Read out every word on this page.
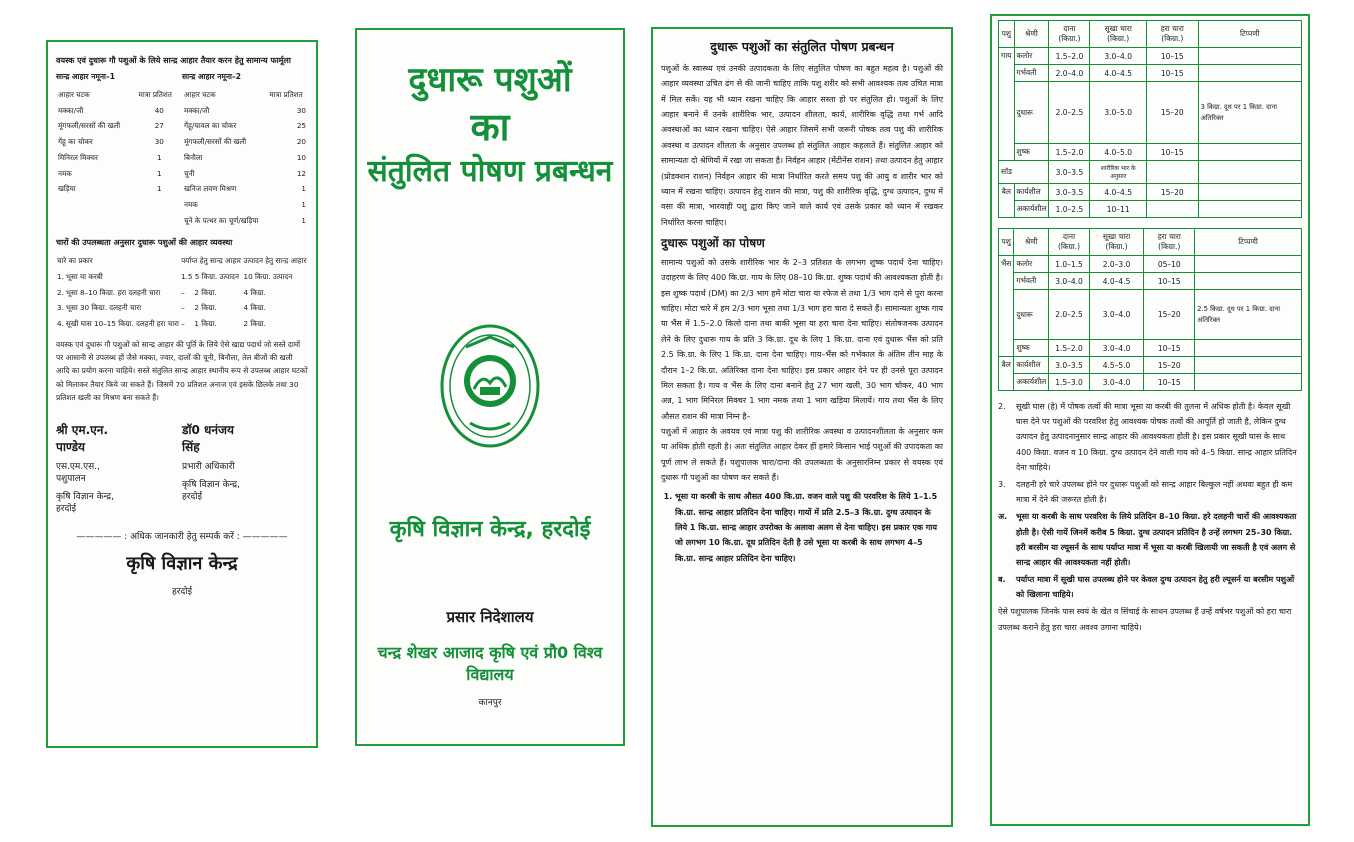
वयस्क एवं दुधारू गौ पशुओं के लिये सान्द्र आहार तैयार करन हेतु सामान्य फार्मूला
सान्द्र आहार नमूना–1	सान्द्र आहार नमूना–2
आहार घटक	मात्रा प्रतिशत
मक्का/जौ	40
मूंगफली/सरसों की खली	27
गेंहू का चोकर	30
मिनिरल मिक्चर	1
नमक	1
खड़िया	1
आहार घटक	मात्रा प्रतिशत
मक्का/जौ	30
गेंहू/चावल का चोकर	25
मूंगफली/सरसों की खली	20
बिनौला	10
चुनी	12
खनिज लवण मिश्रण	1
नमक	1
चूने के पत्थर का चूर्ण/खड़िया	1
चारों की उपलब्धता अनुसार दुधारू पशुओं की आहार व्यवस्था
चारे का प्रकार		पर्याप्त हेतु सान्द्र आहार		उत्पादन हेतु सान्द्र आहार
1.	भूसा या करबी	1.5 5 किग्रा. उत्पादन		10 किग्रा. उत्पादन
2.	भूसा 8–10 किग्रा. हरा दलहनी चारा	–	2 किग्रा.	4 किग्रा.
3.	भूसा 30 किग्रा. दलहनी चारा	–	2 किग्रा.	4 किग्रा.
4.	सूखी घास 10–15 किग्रा. दलहनी हरा चारा –		1 किग्रा.	2 किग्रा.
वयस्क एवं दुधारू गौ पशुओं को सान्द्र आहार की पूर्ति के लिये ऐसे खाद्य पदार्थ जो सस्ते दामों पर आसानी से उपलब्ध हों जैसे मक्का, ज्वार, दालों की चूनी, बिनौला, तेल बीजों की खली आदि का प्रयोग करना चाहिये। सस्ते संतुलित सान्द्र आहार स्थानीय रूप से उपलब्ध आहार घटकों को मिलाकर तैयार किये जा सकते हैं। जिसमें 70 प्रतिशत अनाज एवं इसके छिलके तथा 30 प्रतिशत खली का मिश्रण बना सकते हैं।
श्री एम.एन. पाण्डेय
एस.एम.एस., पशुपालन
कृषि विज्ञान केन्द्र, हरदोई
डॉ0 धनंजय सिंह
प्रभारी अधिकारी
कृषि विज्ञान केन्द्र, हरदोई
————— : अधिक जानकारी हेतु सम्पर्क करें : —————
कृषि विज्ञान केन्द्र
हरदोई
दुधारू पशुओं
का
संतुलित पोषण प्रबन्धन
कृषि विज्ञान केन्द्र, हरदोई
प्रसार निदेशालय
चन्द्र शेखर आजाद कृषि एवं प्रौ0 विश्व विद्यालय
कानपुर
दुधारू पशुओं का संतुलित पोषण प्रबन्धन

पशुओं के स्वास्थ्य एवं उनकी उत्पादकता के लिए संतुलित पोषण का बहुत महत्व है। पशुओं की आहार व्यवस्था उचित ढंग से की जानी चाहिए ताकि पशु शरीर को सभी आवश्यक तत्व उचित मात्रा में मिल सकें। यह भी ध्यान रखना चाहिए कि आहार सस्ता हो पर संतुलित हो। पशुओं के लिए आहार बनाने में उनके शारीरिक भार, उत्पादन शीलता, कार्य, शारीरिक वृद्धि तथा गर्भ आदि अवस्थाओं का ध्यान रखना चाहिए। ऐसे आहार जिसमें सभी जरूरी पोषक तत्व पशु की शारीरिक अवस्था व उत्पादन शीलता के अनुसार उपलब्ध हो संतुलित आहार कहलाते हैं। संतुलित आहार को सामान्यतः दो श्रेणियों में रखा जा सकता है। निर्वहन आहार (मेंटीनेंस राशन) तथा उत्पादन हेतु आहार (प्रोडक्शन राशन) निर्वहन आहार की मात्रा निर्धारित करते समय पशु की आयु व शारीर भार को ध्यान में रखना चाहिए। उत्पादन हेतु राशन की मात्रा, पशु की शारीरिक वृद्धि, दुग्ध उत्पादन, दुग्ध में वसा की मात्रा, भारवाही पशु द्वारा किए जाने वाले कार्य एवं उसके प्रकार को ध्यान में रखकर निर्धारित करना चाहिए।

दुधारू पशुओं का पोषण

सामान्य पशुओं को उसके शारीरिक भार के 2–3 प्रतिशत के लगभग शुष्क पदार्थ देना चाहिए। उदाहरण के लिए 400 कि.ग्रा. गाय के लिए 08–10 कि.ग्रा. शुष्क पदार्थ की आवश्यकता होती है। इस शुष्क पदार्थ (DM) का 2/3 भाग हमें मोटा चारा या रफेज से तथा 1/3 भाग दाने से पूरा करना चाहिए। मोटा चारे में हम 2/3 भाग भूसा तथा 1/3 भाग हरा चारा दे सकते हैं। सामान्यतः शुष्क गाय या भैंस में 1.5–2.0 किलो दाना तथा बाकी भूसा या हरा चारा देना चाहिए। संतोषजनक उत्पादन लेने के लिए दुधारू गाय के प्रति 3 कि.ग्रा. दूध के लिए 1 कि.ग्रा. दाना एवं दुधारू भैंस को प्रति 2.5 कि.ग्रा. के लिए 1 कि.ग्रा. दाना देना चाहिए। गाय–भैंस को गर्भकाल के अंतिम तीन माह के दौरान 1–2 कि.ग्रा. अतिरिक्त दाना देना चाहिए। इस प्रकार आहार देने पर ही उनसे पूरा उत्पादन मिल सकता है। गाय व भैंस के लिए दाना बनाने हेतु 27 भाग खली, 30 भाग चोकर, 40 भाग अन्न, 1 भाग मिनिरल मिक्चर 1 भाग नमक तथा 1 भाग खड़िया मिलायें। गाय तथा भैंस के लिए औसत राशन की मात्रा निम्न है–

पशुओं में आहार के अवयव एवं मात्रा पशु की शारीरिक अवस्था व उत्पादनशीलता के अनुसार कम या अधिक होती रहती है। अतः संतुलित आहार देकर हीं हमारे किसान भाई पशुओं की उपादकता का पूर्ण लाभ ले सकते हैं। पशुपालक चारा/दाना की उपलब्धता के अनुसारनिम्न प्रकार से वयस्क एवं दुधारू गौ पशुओं का पोषण कर सकते हैं।

1. भूसा या करबी के साथ औसत 400 कि.ग्रा. वजन वाले पशु की परवरिश के लिये 1–1.5 कि.ग्रा. सान्द्र आहार प्रतिदिन देना चाहिए। गायों में प्रति 2.5–3 कि.ग्रा. दुग्ध उत्पादन के लिये 1 कि.ग्रा. सान्द्र आहार उपरोक्त के अलावा अलग से देना चाहिए। इस प्रकार एक गाय जो लगभग 10 कि.ग्रा. दूध प्रतिदिन देती है उसे भूसा या करबी के साथ लगभग 4–5 कि.ग्रा. सान्द्र आहार प्रतिदिन देना चाहिए।
पशु	श्रेणी	दाना (किग्रा.)	सूखा चारा (किग्रा.)	हरा चारा (किग्रा.)	टिप्पणी
गाय	कलोर	1.5–2.0	3.0–4.0	10–15	
	गर्भवती	2.0–4.0	4.0–4.5	10–15	
	दुधारू	2.0–2.5	3.0–5.0	15–20	3 किग्रा. दूध पर 1 किग्रा. दाना अतिरिक्त
	शुष्क	1.5–2.0	4.0–5.0	10–15	
सॉड		3.0–3.5	शारीरिक भार के अनुसार		
बैल	कार्यशील	3.0–3.5	4.0–4.5	15–20	
	अकार्यशील	1.0–2.5	10–11		
पशु	श्रेणी	दाना (किग्रा.)	सूखा चारा (किग्रा.)	हरा चारा (किग्रा.)	टिप्पणी
भैंस	कलोर	1.0–1.5	2.0–3.0	05–10	
	गर्भवती	3.0–4.0	4.0–4.5	10–15	
	दुधारू	2.0–2.5	3.0–4.0	15–20	2.5 किग्रा. दूध पर 1 किग्रा. दाना अतिरिक्त
	शुष्क	1.5–2.0	3.0–4.0	10–15	
बैल	कार्यशील	3.0–3.5	4.5–5.0	15–20	
	अकार्यशील	1.5–3.0	3.0–4.0	10–15	
2.	सूखी घास (हे) में पोषक तत्वों की मात्रा भूसा या करबी की तुलना में अधिक होती है। केवल सूखी घास देने पर पशुओं की परवरिश हेतु आवश्यक पोषक तत्वों की आपूर्ति हो जाती है, लेकिन दुग्ध उत्पादन हेतु उत्पादनानुसार सान्द्र आहार की आवश्यकता होती है। इस प्रकार सूखी घास के साथ 400 किग्रा. वजन व 10 किग्रा. दुग्ध उत्पादन देने वाली गाय को 4–5 किग्रा. सान्द्र आहार प्रतिदिन देना चाहिये।
3.	दलहनी हरे चारे उपलब्ध होने पर दुधारू पशुओं को सान्द्र आहार बिल्कुल नहीं अथवा बहुत ही कम मात्रा में देने की जरूरत होती है।
अ.	भूसा या करबी के साथ परवरिश के लिये प्रतिदिन 8–10 किग्रा. हरे दलहनी चारों की आवश्यकता होती है। ऐसी गायें जिनमें करीब 5 किग्रा. दुग्ध उत्पादन प्रतिदिन है उन्हें लगभग 25–30 किग्रा. हरी बरसीम या ल्यूसर्न के साथ पर्याप्त मात्रा में भूसा या करबी खिलायी जा सकती है एवं अलग से सान्द्र आहार की आवश्यकता नहीं होती।
ब.	पर्याप्त मात्रा में सूखी घास उपलब्ध होने पर केवल दुग्ध उत्पादन हेतु हरी ल्यूसर्न या बरसीम पशुओं को खिलाना चाहिये।
ऐसे पशुपालक जिनके पास स्वयं के खेत व सिंचाई के साधन उपलब्ध हैं उन्हें वर्षभर पशुओं को हरा चारा उपलब्ध कराने हेतु हरा चारा अवश्य उगाना चाहिये।
